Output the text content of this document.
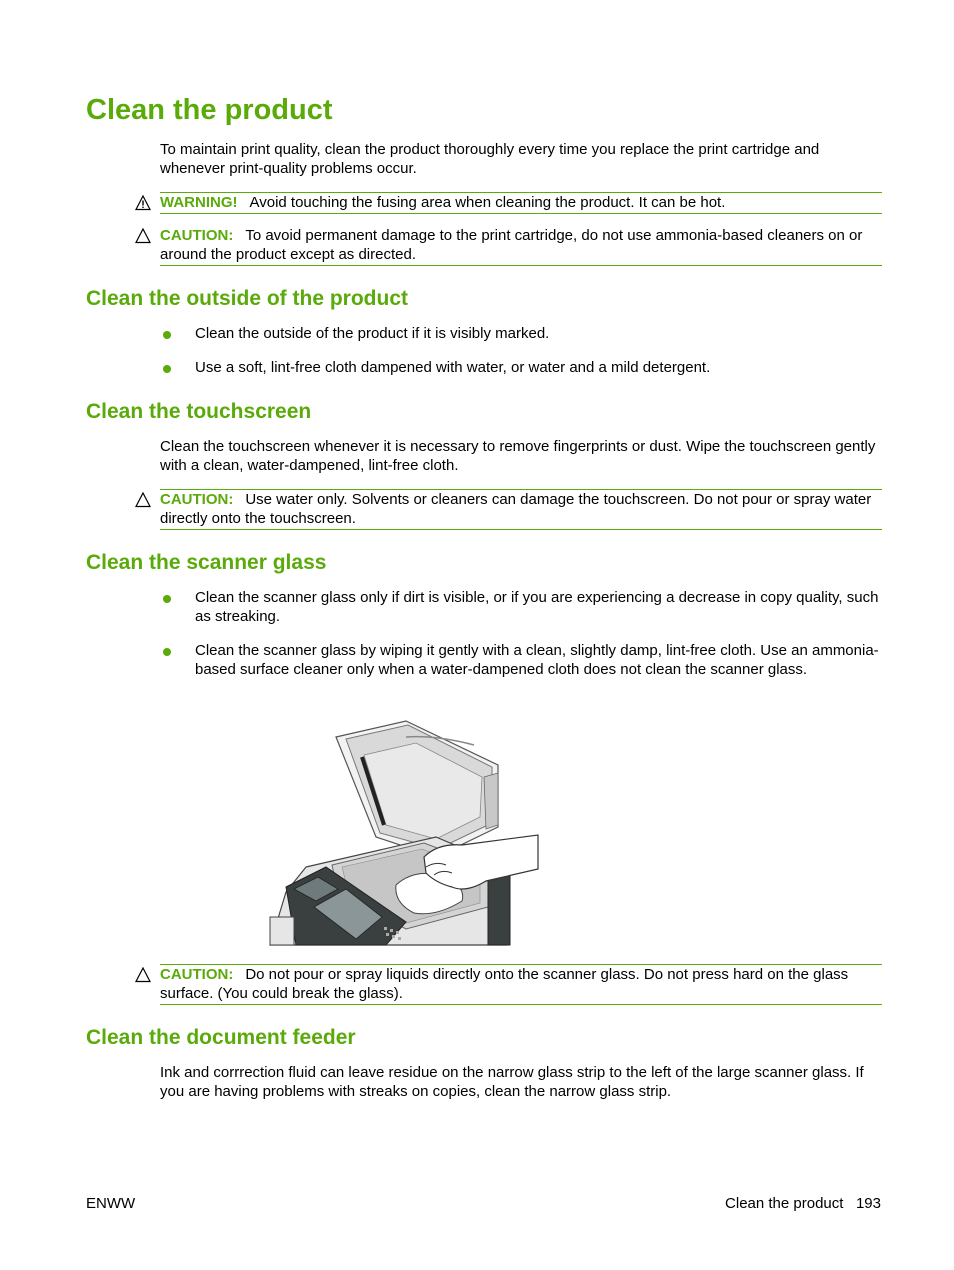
Clean the product

To maintain print quality, clean the product thoroughly every time you replace the print cartridge and whenever print-quality problems occur.

WARNING! Avoid touching the fusing area when cleaning the product. It can be hot.
CAUTION: To avoid permanent damage to the print cartridge, do not use ammonia-based cleaners on or around the product except as directed.
Clean the outside of the product
Clean the outside of the product if it is visibly marked.
Use a soft, lint-free cloth dampened with water, or water and a mild detergent.
Clean the touchscreen

Clean the touchscreen whenever it is necessary to remove fingerprints or dust. Wipe the touchscreen gently with a clean, water-dampened, lint-free cloth.

CAUTION: Use water only. Solvents or cleaners can damage the touchscreen. Do not pour or spray water directly onto the touchscreen.
Clean the scanner glass
Clean the scanner glass only if dirt is visible, or if you are experiencing a decrease in copy quality, such as streaking.
Clean the scanner glass by wiping it gently with a clean, slightly damp, lint-free cloth. Use an ammonia-based surface cleaner only when a water-dampened cloth does not clean the scanner glass.
CAUTION: Do not pour or spray liquids directly onto the scanner glass. Do not press hard on the glass surface. (You could break the glass).
Clean the document feeder

Ink and corrrection fluid can leave residue on the narrow glass strip to the left of the large scanner glass. If you are having problems with streaks on copies, clean the narrow glass strip.

ENWW	Clean the product 193
